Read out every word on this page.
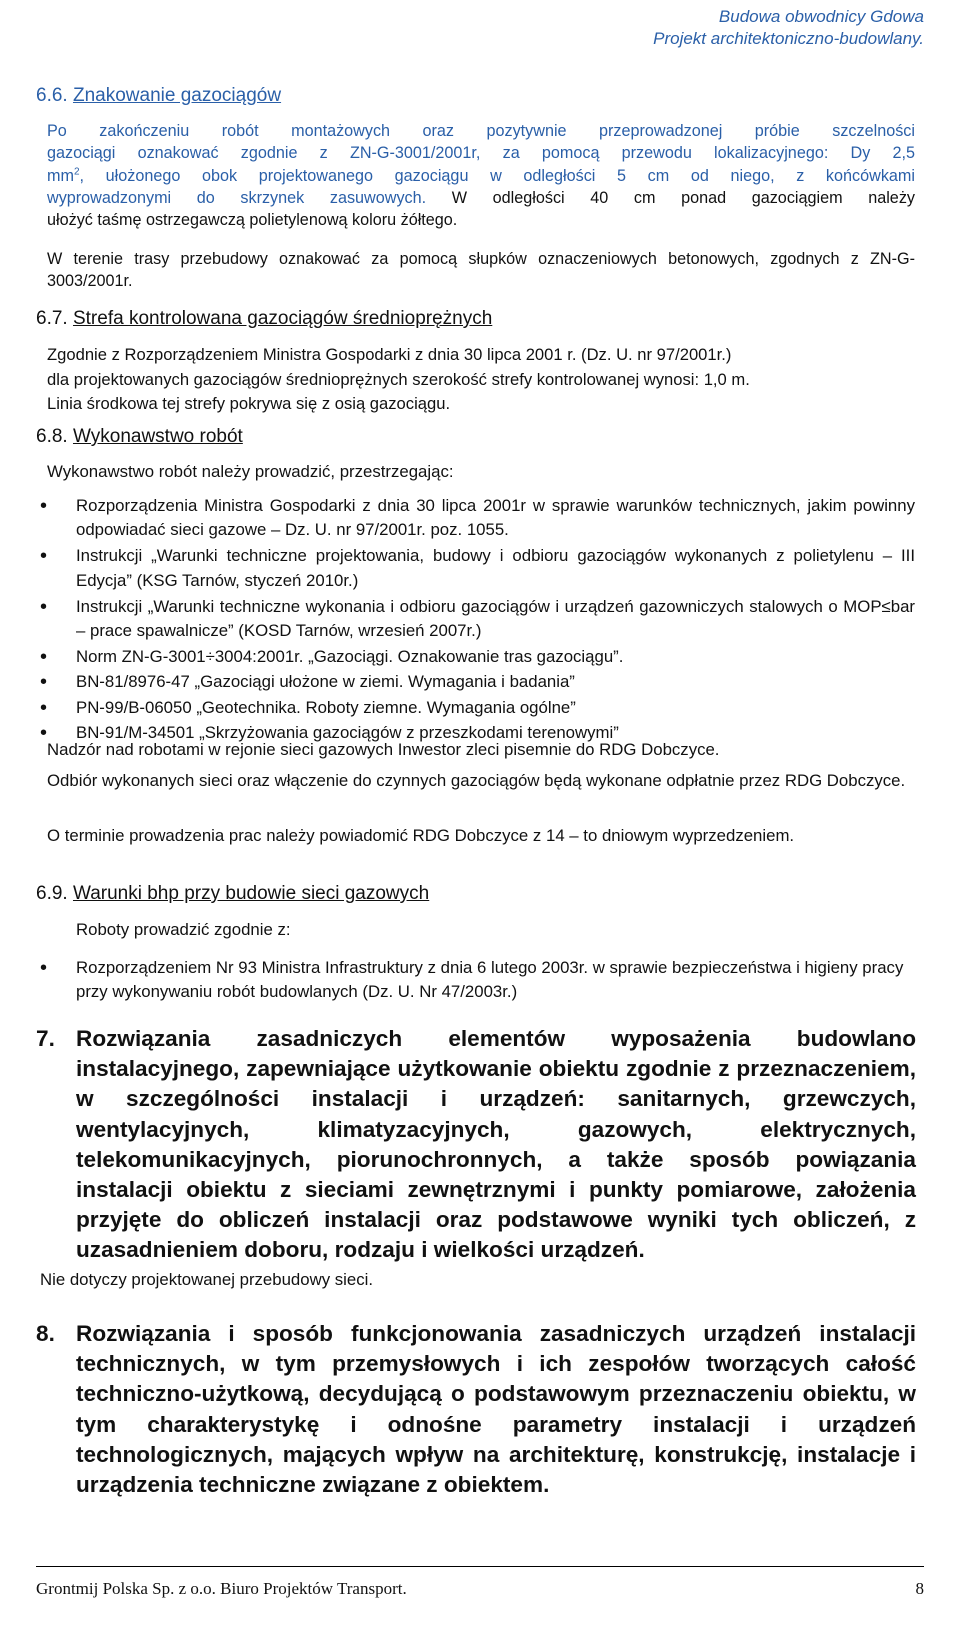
Budowa obwodnicy Gdowa
Projekt architektoniczno-budowlany.
6.6. Znakowanie gazociągów
Po zakończeniu robót montażowych oraz pozytywnie przeprowadzonej próbie szczelności
gazociągi oznakować zgodnie z ZN-G-3001/2001r, za pomocą przewodu lokalizacyjnego: Dy 2,5
$mm^2$, ułożonego obok projektowanego gazociągu w odległości 5 cm od niego, z końcówkami
wyprowadzonymi do skrzynek zasuwowych. W odległości 40 cm ponad gazociągiem należy
ułożyć taśmę ostrzegawczą polietylenową koloru żółtego.
W terenie trasy przebudowy oznakować za pomocą słupków oznaczeniowych betonowych, zgodnych z ZN-G-3003/2001r.
6.7. Strefa kontrolowana gazociągów średnioprężnych
Zgodnie z Rozporządzeniem Ministra Gospodarki z dnia 30 lipca 2001 r. (Dz. U. nr 97/2001r.)
dla projektowanych gazociągów średnioprężnych szerokość strefy kontrolowanej wynosi: 1,0 m.
Linia środkowa tej strefy pokrywa się z osią gazociągu.
6.8. Wykonawstwo robót
Wykonawstwo robót należy prowadzić, przestrzegając:
• Rozporządzenia Ministra Gospodarki z dnia 30 lipca 2001r w sprawie warunków technicznych, jakim powinny odpowiadać sieci gazowe – Dz. U. nr 97/2001r. poz. 1055.
• Instrukcji „Warunki techniczne projektowania, budowy i odbioru gazociągów wykonanych z polietylenu – III Edycja” (KSG Tarnów, styczeń 2010r.)
• Instrukcji „Warunki techniczne wykonania i odbioru gazociągów i urządzeń gazowniczych stalowych o MOP≤bar – prace spawalnicze” (KOSD Tarnów, wrzesień 2007r.)
• Norm ZN-G-3001÷3004:2001r. „Gazociągi. Oznakowanie tras gazociągu”.
• BN-81/8976-47 „Gazociągi ułożone w ziemi. Wymagania i badania”
• PN-99/B-06050 „Geotechnika. Roboty ziemne. Wymagania ogólne”
• BN-91/M-34501 „Skrzyżowania gazociągów z przeszkodami terenowymi”
Nadzór nad robotami w rejonie sieci gazowych Inwestor zleci pisemnie do RDG Dobczyce.
Odbiór wykonanych sieci oraz włączenie do czynnych gazociągów będą wykonane odpłatnie przez RDG Dobczyce.
O terminie prowadzenia prac należy powiadomić RDG Dobczyce z 14 – to dniowym wyprzedzeniem.
6.9. Warunki bhp przy budowie sieci gazowych
Roboty prowadzić zgodnie z:
• Rozporządzeniem Nr 93 Ministra Infrastruktury z dnia 6 lutego 2003r. w sprawie bezpieczeństwa i higieny pracy przy wykonywaniu robót budowlanych (Dz. U. Nr 47/2003r.)
7. Rozwiązania zasadniczych elementów wyposażenia budowlano instalacyjnego, zapewniające użytkowanie obiektu zgodnie z przeznaczeniem, w szczególności instalacji i urządzeń: sanitarnych, grzewczych, wentylacyjnych, klimatyzacyjnych, gazowych, elektrycznych, telekomunikacyjnych, piorunochronnych, a także sposób powiązania instalacji obiektu z sieciami zewnętrznymi i punkty pomiarowe, założenia przyjęte do obliczeń instalacji oraz podstawowe wyniki tych obliczeń, z uzasadnieniem doboru, rodzaju i wielkości urządzeń.
Nie dotyczy projektowanej przebudowy sieci.
8. Rozwiązania i sposób funkcjonowania zasadniczych urządzeń instalacji technicznych, w tym przemysłowych i ich zespołów tworzących całość techniczno-użytkową, decydującą o podstawowym przeznaczeniu obiektu, w tym charakterystykę i odnośne parametry instalacji i urządzeń technologicznych, mających wpływ na architekturę, konstrukcję, instalacje i urządzenia techniczne związane z obiektem.
Grontmij Polska Sp. z o.o. Biuro Projektów Transport.	8
